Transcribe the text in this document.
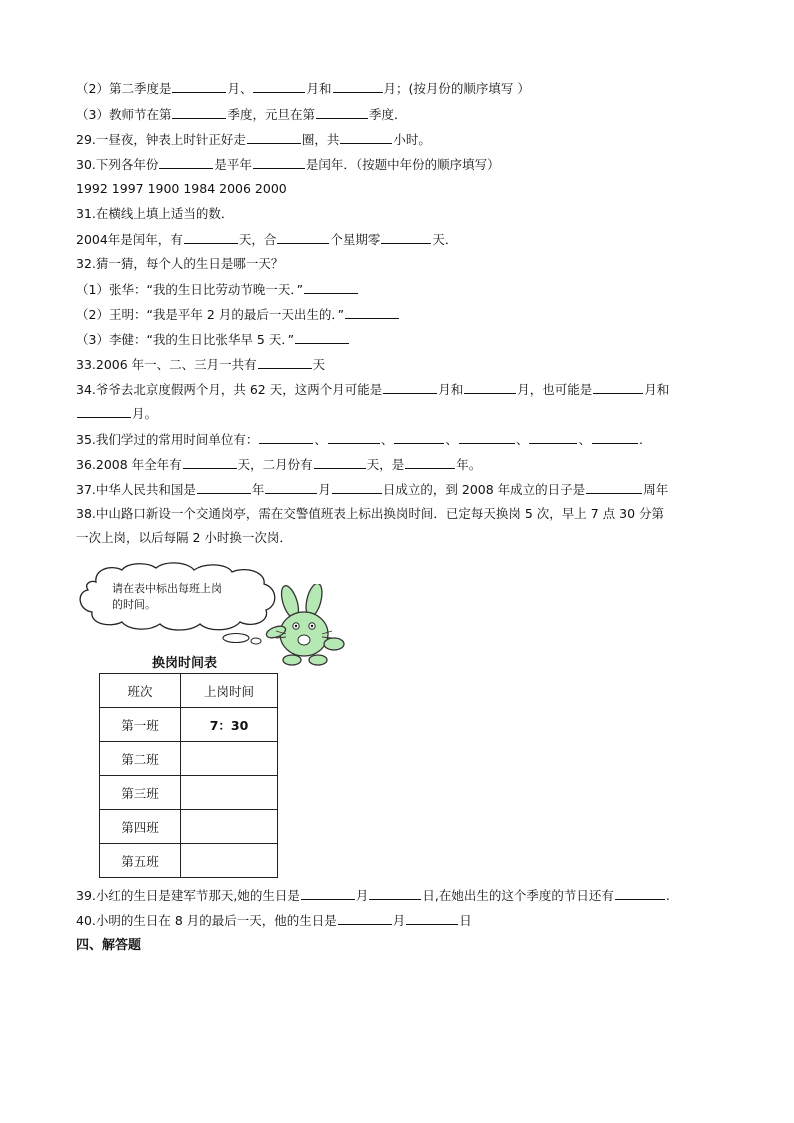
（2）第二季度是	月、	月和	月；(按月份的顺序填写 ）
（3）教师节在第	季度，元旦在第	季度．
29.一昼夜，钟表上时针正好走	圈，共	小时。
30.下列各年份	是平年	是闰年．（按题中年份的顺序填写）
1992 1997 1900 1984 2006 2000
31.在横线上填上适当的数．
2004年是闰年，有	天，合	个星期零	天．
32.猜一猜，每个人的生日是哪一天？
（1）张华：“我的生日比劳动节晚一天．”
（2）王明：“我是平年 2 月的最后一天出生的．”
（3）李健：“我的生日比张华早 5 天．”
33.2006 年一、二、三月一共有	天
34.爷爷去北京度假两个月，共 62 天，这两个月可能是	月和	月，也可能是	月和
月。
35.我们学过的常用时间单位有：	、	、	、	、	、	.
36.2008 年全年有	天，二月份有	天，是	年。
37.中华人民共和国是	年	月	日成立的，到 2008 年成立的日子是	周年
38.中山路口新设一个交通岗亭，需在交警值班表上标出换岗时间．已定每天换岗 5 次，早上 7 点 30 分第
一次上岗，以后每隔 2 小时换一次岗．
请在表中标出每班上岗
的时间。
换岗时间表
班次	上岗时间
第一班	7：30
第二班	
第三班	
第四班	
第五班	
39.小红的生日是建军节那天,她的生日是	月	日,在她出生的这个季度的节日还有	.
40.小明的生日在 8 月的最后一天，他的生日是	月	日
四、解答题
